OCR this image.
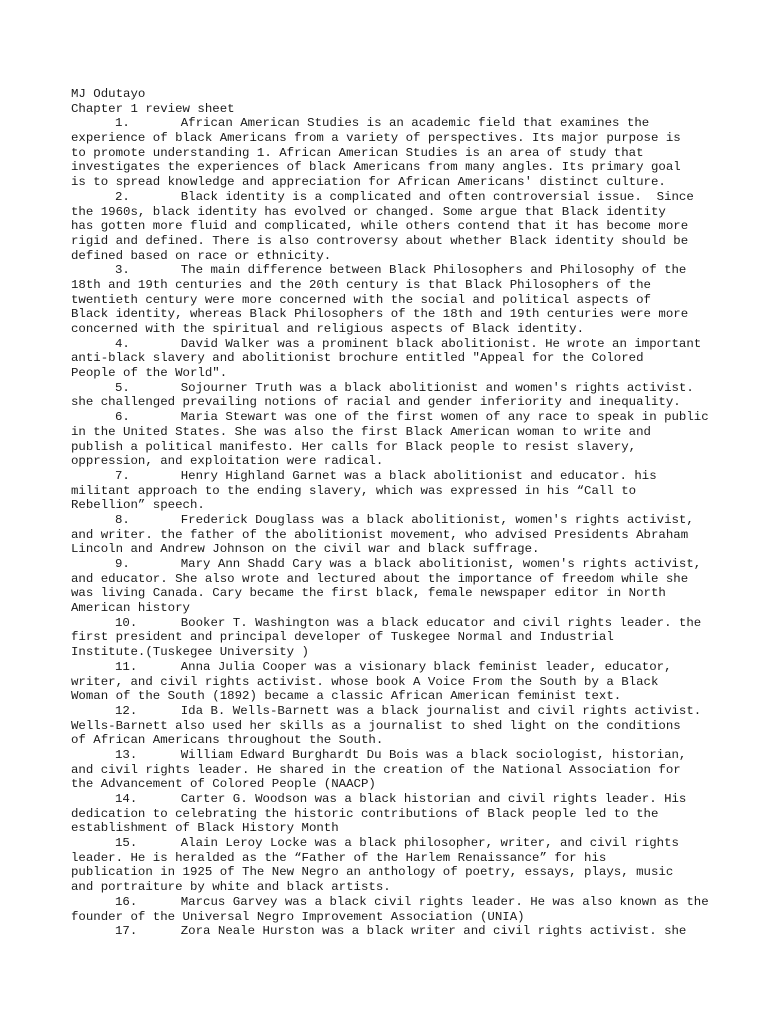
MJ Odutayo
Chapter 1 review sheet
1.	African American Studies is an academic field that examines the
experience of black Americans from a variety of perspectives. Its major purpose is
to promote understanding 1. African American Studies is an area of study that
investigates the experiences of black Americans from many angles. Its primary goal
is to spread knowledge and appreciation for African Americans' distinct culture.
2.	Black identity is a complicated and often controversial issue.  Since
the 1960s, black identity has evolved or changed. Some argue that Black identity
has gotten more fluid and complicated, while others contend that it has become more
rigid and defined. There is also controversy about whether Black identity should be
defined based on race or ethnicity.
3.	The main difference between Black Philosophers and Philosophy of the
18th and 19th centuries and the 20th century is that Black Philosophers of the
twentieth century were more concerned with the social and political aspects of
Black identity, whereas Black Philosophers of the 18th and 19th centuries were more
concerned with the spiritual and religious aspects of Black identity.
4.	David Walker was a prominent black abolitionist. He wrote an important
anti-black slavery and abolitionist brochure entitled "Appeal for the Colored
People of the World".
5.	Sojourner Truth was a black abolitionist and women's rights activist.
she challenged prevailing notions of racial and gender inferiority and inequality.
6.	Maria Stewart was one of the first women of any race to speak in public
in the United States. She was also the first Black American woman to write and
publish a political manifesto. Her calls for Black people to resist slavery,
oppression, and exploitation were radical.
7.	Henry Highland Garnet was a black abolitionist and educator. his
militant approach to the ending slavery, which was expressed in his “Call to
Rebellion” speech.
8.	Frederick Douglass was a black abolitionist, women's rights activist,
and writer. the father of the abolitionist movement, who advised Presidents Abraham
Lincoln and Andrew Johnson on the civil war and black suffrage.
9.	Mary Ann Shadd Cary was a black abolitionist, women's rights activist,
and educator. She also wrote and lectured about the importance of freedom while she
was living Canada. Cary became the first black, female newspaper editor in North
American history
10.	Booker T. Washington was a black educator and civil rights leader. the
first president and principal developer of Tuskegee Normal and Industrial
Institute.(Tuskegee University )
11.	Anna Julia Cooper was a visionary black feminist leader, educator,
writer, and civil rights activist. whose book A Voice From the South by a Black
Woman of the South (1892) became a classic African American feminist text.
12.	Ida B. Wells-Barnett was a black journalist and civil rights activist.
Wells-Barnett also used her skills as a journalist to shed light on the conditions
of African Americans throughout the South.
13.	William Edward Burghardt Du Bois was a black sociologist, historian,
and civil rights leader. He shared in the creation of the National Association for
the Advancement of Colored People (NAACP)
14.	Carter G. Woodson was a black historian and civil rights leader. His
dedication to celebrating the historic contributions of Black people led to the
establishment of Black History Month
15.	Alain Leroy Locke was a black philosopher, writer, and civil rights
leader. He is heralded as the “Father of the Harlem Renaissance” for his
publication in 1925 of The New Negro an anthology of poetry, essays, plays, music
and portraiture by white and black artists.
16.	Marcus Garvey was a black civil rights leader. He was also known as the
founder of the Universal Negro Improvement Association (UNIA)
17.	Zora Neale Hurston was a black writer and civil rights activist. she
